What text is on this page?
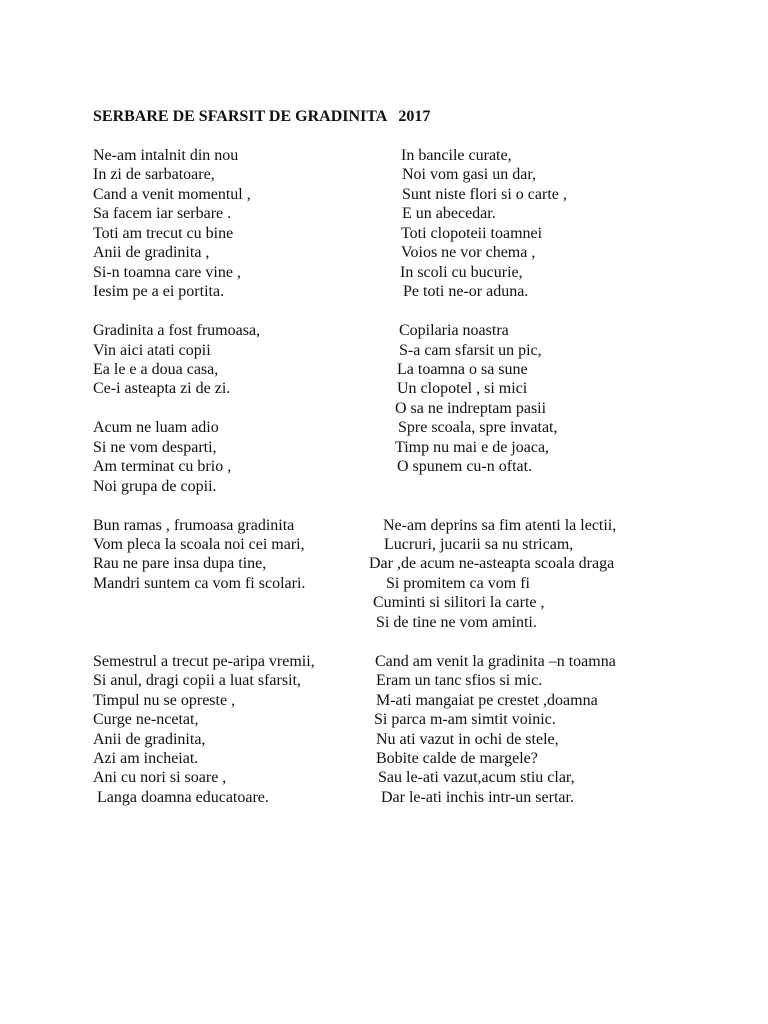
SERBARE DE SFARSIT DE GRADINITA   2017
Ne-am intalnit din nou
In zi de sarbatoare,
Cand a venit momentul ,
Sa facem iar serbare .
Toti am trecut cu bine
Anii de gradinita ,
Si-n toamna care vine ,
Iesim pe a ei portita.
Gradinita a fost frumoasa,
Vin aici atati copii
Ea le e a doua casa,
Ce-i asteapta zi de zi.
Acum ne luam adio
Si ne vom desparti,
Am terminat cu brio ,
Noi grupa de copii.
Bun ramas , frumoasa gradinita
Vom pleca la scoala noi cei mari,
Rau ne pare insa dupa tine,
Mandri suntem ca vom fi scolari.
Semestrul a trecut pe-aripa vremii,
Si anul, dragi copii a luat sfarsit,
Timpul nu se opreste ,
Curge ne-ncetat,
Anii de gradinita,
Azi am incheiat.
Ani cu nori si soare ,
Langa doamna educatoare.
In bancile curate,
Noi vom gasi un dar,
Sunt niste flori si o carte ,
E un abecedar.
Toti clopoteii toamnei
Voios ne vor chema ,
In scoli cu bucurie,
Pe toti ne-or aduna.
Copilaria noastra
S-a cam sfarsit un pic,
La toamna o sa sune
Un clopotel , si mici
O sa ne indreptam pasii
Spre scoala, spre invatat,
Timp nu mai e de joaca,
O spunem cu-n oftat.
Ne-am deprins sa fim atenti la lectii,
Lucruri, jucarii sa nu stricam,
Dar ,de acum ne-asteapta scoala draga
Si promitem ca vom fi
Cuminti si silitori la carte ,
Si de tine ne vom aminti.
Cand am venit la gradinita –n toamna
Eram un tanc sfios si mic.
M-ati mangaiat pe crestet ,doamna
Si parca m-am simtit voinic.
Nu ati vazut in ochi de stele,
Bobite calde de margele?
Sau le-ati vazut,acum stiu clar,
Dar le-ati inchis intr-un sertar.
